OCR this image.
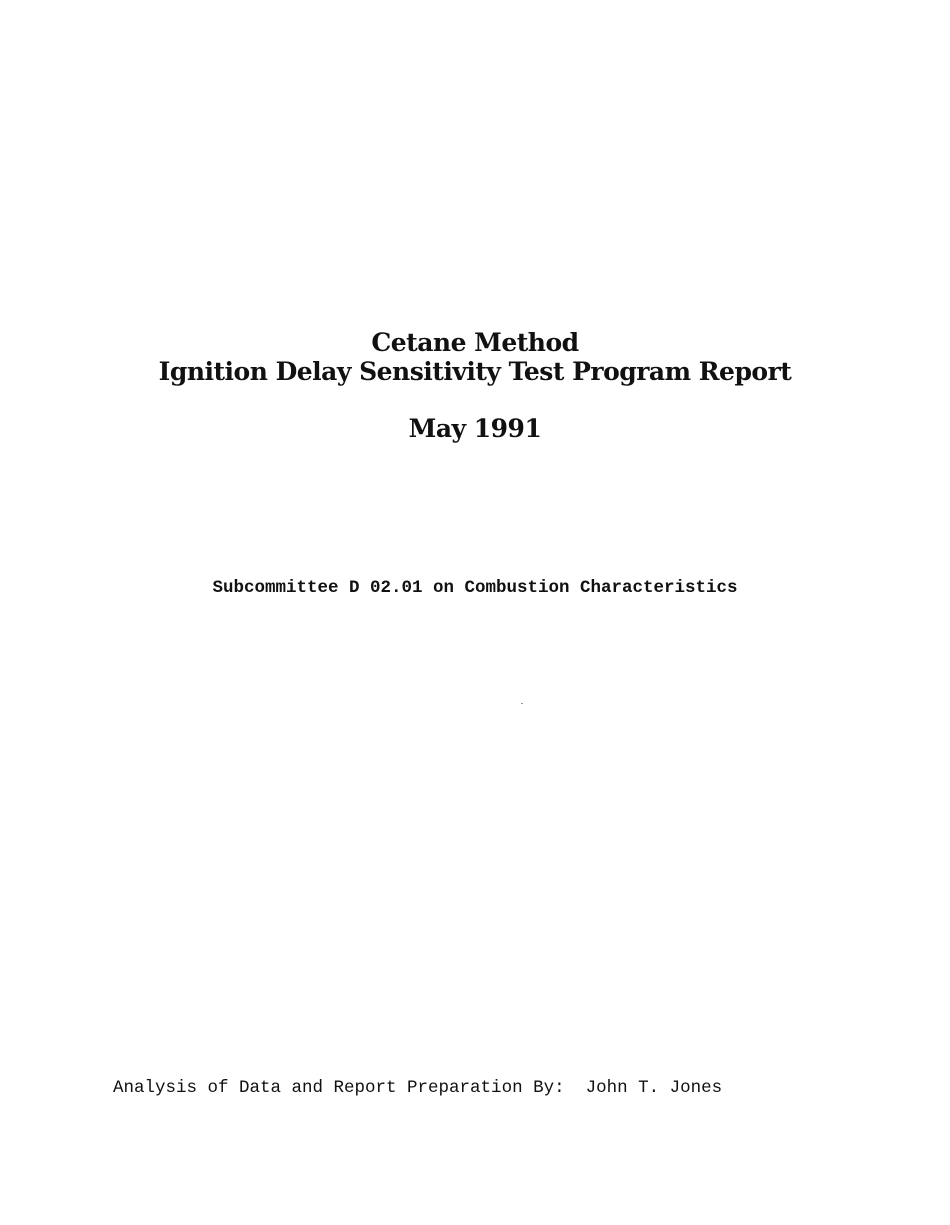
Cetane Method
Ignition Delay Sensitivity Test Program Report
May 1991
Subcommittee D 02.01 on Combustion Characteristics
Analysis of Data and Report Preparation By: John T. Jones
